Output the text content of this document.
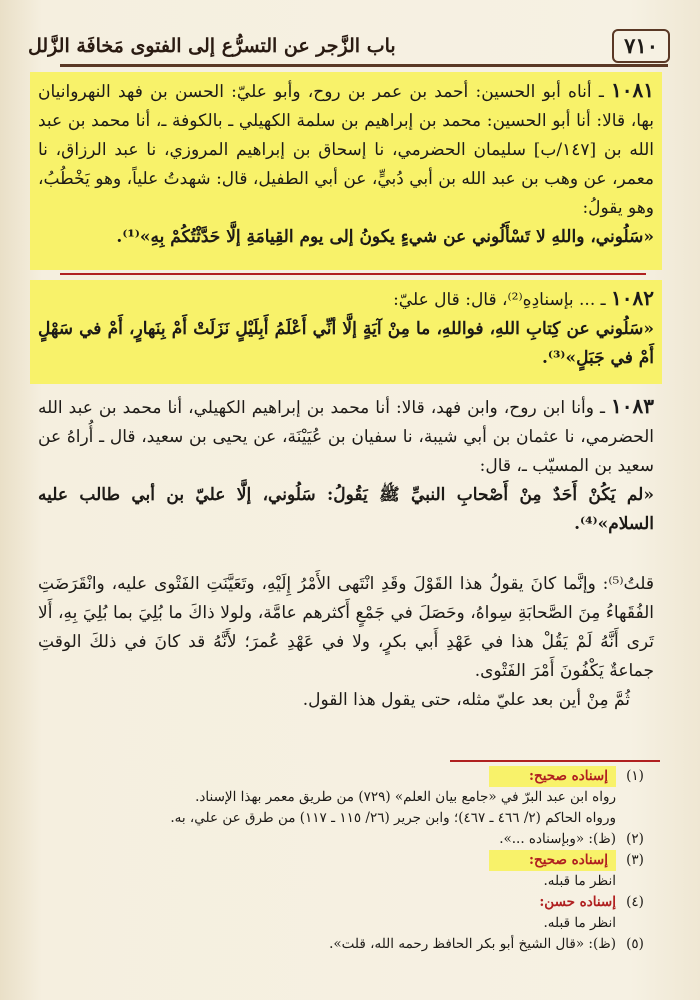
٧١٠
باب الزَّجر عن التسرُّع إلى الفتوى مَخافَة الزَّلل

١٠٨١ ـ أناه أبو الحسين: أحمد بن عمر بن روح، وأبو عليّ: الحسن بن فهد النهروانيان بها، قالا: أنا أبو الحسين: محمد بن إبراهيم بن سلمة الكهيلي ـ بالكوفة ـ، أنا محمد بن عبد الله بن [١٤٧/ب] سليمان الحضرمي، نا إسحاق بن إبراهيم المروزي، نا عبد الرزاق، نا معمر، عن وهب بن عبد الله بن أبي دُبيٍّ، عن أبي الطفيل، قال: شهدتُ علياً، وهو يَخْطُبُ، وهو يقولُ:

«سَلُوني، واللهِ لا تَسْأَلُوني عن شيءٍ يكونُ إلى يوم القِيامَةِ إلَّا حَدَّثْتُكُمْ بِهِ»⁽¹⁾.

١٠٨٢ ـ ... بإسنادِهِ⁽²⁾، قال: قال عليّ:

«سَلُوني عن كِتابِ اللهِ، فواللهِ، ما مِنْ آيَةٍ إلَّا أنِّي أَعْلَمُ أَبِلَيْلٍ نَزَلَتْ أَمْ بِنَهارٍ، أَمْ في سَهْلٍ أَمْ في جَبَلٍ»⁽³⁾.

١٠٨٣ ـ وأنا ابن روح، وابن فهد، قالا: أنا محمد بن إبراهيم الكهيلي، أنا محمد بن عبد الله الحضرمي، نا عثمان بن أبي شيبة، نا سفيان بن عُيَيْنَة، عن يحيى بن سعيد، قال ـ أُراهُ عن سعيد بن المسيّب ـ، قال:

«لم يَكُنْ أَحَدٌ مِنْ أَصْحابِ النبيِّ ﷺ يَقُولُ: سَلُوني، إلَّا عليّ بن أبي طالب عليه السلام»⁽⁴⁾.

قلتُ⁽⁵⁾: وإنَّما كانَ يقولُ هذا القَوْلَ وقَدِ انْتَهى الأَمْرُ إِلَيْهِ، وتَعَيَّنَتِ الفَتْوى عليه، وانْقَرَضَتِ الفُقَهاءُ مِنَ الصَّحابَةِ سِواهُ، وحَصَلَ في جَمْعٍ أَكثرهم عامَّة، ولولا ذاكَ ما بُلِيَ بما بُلِيَ بِهِ، أَلا تَرى أَنَّهُ لَمْ يَقُلْ هذا في عَهْدِ أَبي بكرٍ، ولا في عَهْدِ عُمرَ؛ لأَنَّهُ قد كانَ في ذلكَ الوقتِ جماعةٌ يَكْفُونَ أَمْرَ الفَتْوى.

ثُمَّ مِنْ أين بعد عليّ مثله، حتى يقول هذا القول.

(١)
إسناده صحيح:
رواه ابن عبد البرّ في «جامع بيان العلم» (٧٢٩) من طريق معمر بهذا الإسناد.
ورواه الحاكم (٢/ ٤٦٦ ـ ٤٦٧)؛ وابن جرير (٢٦/ ١١٥ ـ ١١٧) من طرق عن علي، به.
(٢)
(ظ): «وبإسناده ...».
(٣)
إسناده صحيح:
انظر ما قبله.
(٤)
إسناده حسن:
انظر ما قبله.
(٥)
(ظ): «قال الشيخ أبو بكر الحافظ رحمه الله، قلت».
